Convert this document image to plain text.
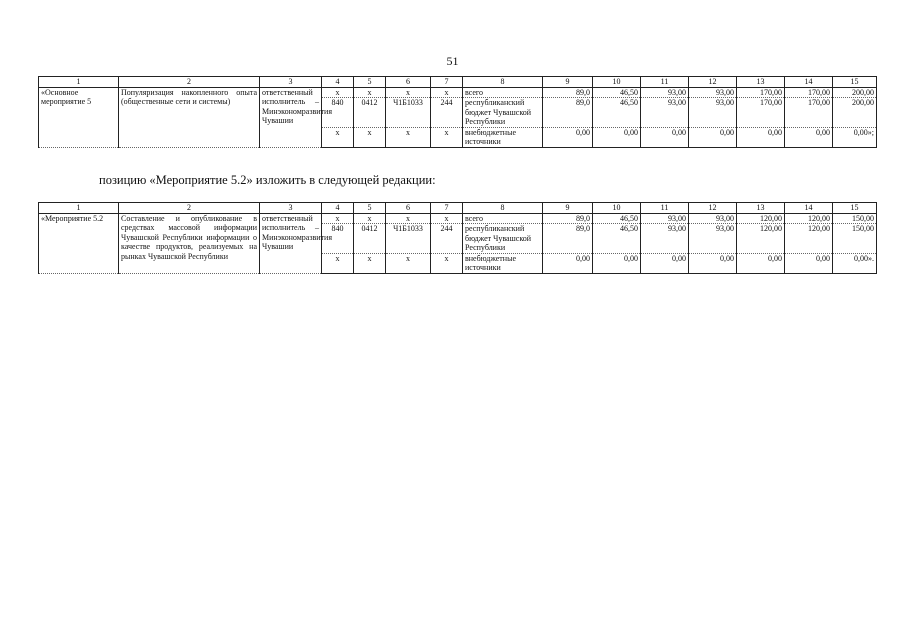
51
1	2	3	4	5	6	7	8	9	10	11	12	13	14	15
«Основное мероприятие 5	Популяризация накопленного опыта (общественные сети и системы)	ответственный исполнитель – Минэкономразвития Чувашии	x	x	x	x	всего	89,0	46,50	93,00	93,00	170,00	170,00	200,00
			840	0412	Ч1Б1033	244	республиканский бюджет Чувашской Республики	89,0	46,50	93,00	93,00	170,00	170,00	200,00
			x	x	x	x	внебюджетные источники	0,00	0,00	0,00	0,00	0,00	0,00	0,00»;
позицию «Мероприятие 5.2» изложить в следующей редакции:
1	2	3	4	5	6	7	8	9	10	11	12	13	14	15
«Мероприятие 5.2	Составление и опубликование в средствах массовой информации Чувашской Республики информации о качестве продуктов, реализуемых на рынках Чувашской Республики	ответственный исполнитель – Минэкономразвития Чувашии	x	x	x	x	всего	89,0	46,50	93,00	93,00	120,00	120,00	150,00
			840	0412	Ч1Б1033	244	республиканский бюджет Чувашской Республики	89,0	46,50	93,00	93,00	120,00	120,00	150,00
			x	x	x	x	внебюджетные источники	0,00	0,00	0,00	0,00	0,00	0,00	0,00».
